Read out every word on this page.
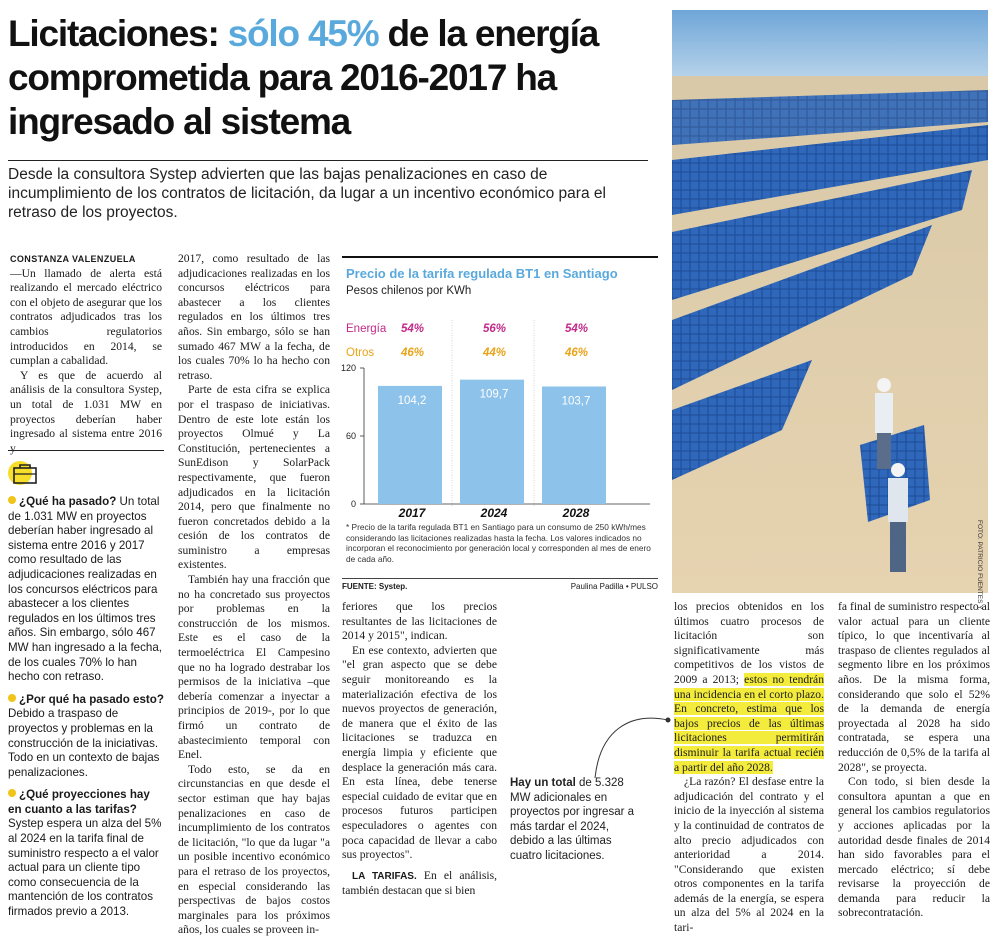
Licitaciones: sólo 45% de la energía comprometida para 2016-2017 ha ingresado al sistema
Desde la consultora Systep advierten que las bajas penalizaciones en caso de incumplimiento de los contratos de licitación, da lugar a un incentivo económico para el retraso de los proyectos.
CONSTANZA VALENZUELA

—Un llamado de alerta está realizando el mercado eléctrico con el objeto de asegurar que los contratos adjudicados tras los cambios regulatorios introducidos en 2014, se cumplan a cabalidad.

Y es que de acuerdo al análisis de la consultora Systep, un total de 1.031 MW en proyectos deberían haber ingresado al sistema entre 2016 y

¿Qué ha pasado? Un total de 1.031 MW en proyectos deberían haber ingresado al sistema entre 2016 y 2017 como resultado de las adjudicaciones realizadas en los concursos eléctricos para abastecer a los clientes regulados en los últimos tres años. Sin embargo, sólo 467 MW han ingresado a la fecha, de los cuales 70% lo han hecho con retraso.
¿Por qué ha pasado esto? Debido a traspaso de proyectos y problemas en la construcción de la iniciativas. Todo en un contexto de bajas penalizaciones.
¿Qué proyecciones hay en cuanto a las tarifas? Systep espera un alza del 5% al 2024 en la tarifa final de suministro respecto a el valor actual para un cliente tipo como consecuencia de la mantención de los contratos firmados previo a 2013.

2017, como resultado de las adjudicaciones realizadas en los concursos eléctricos para abastecer a los clientes regulados en los últimos tres años. Sin embargo, sólo se han sumado 467 MW a la fecha, de los cuales 70% lo ha hecho con retraso.

Parte de esta cifra se explica por el traspaso de iniciativas. Dentro de este lote están los proyectos Olmué y La Constitución, pertenecientes a SunEdison y SolarPack respectivamente, que fueron adjudicados en la licitación 2014, pero que finalmente no fueron concretados debido a la cesión de los contratos de suministro a empresas existentes.

También hay una fracción que no ha concretado sus proyectos por problemas en la construcción de los mismos. Este es el caso de la termoeléctrica El Campesino que no ha logrado destrabar los permisos de la iniciativa –que debería comenzar a inyectar a principios de 2019-, por lo que firmó un contrato de abastecimiento temporal con Enel.

Todo esto, se da en circunstancias en que desde el sector estiman que hay bajas penalizaciones en caso de incumplimiento de los contratos de licitación, "lo que da lugar "a un posible incentivo económico para el retraso de los proyectos, en especial considerando las perspectivas de bajos costos marginales para los próximos años, los cuales se proveen in-

Precio de la tarifa regulada BT1 en Santiago
Pesos chilenos por KWh
Energía 54%	56%	54%
Otros 46%	44%	46%
0
60
120
104,2
2017
109,7
2024
103,7
2028
* Precio de la tarifa regulada BT1 en Santiago para un consumo de 250 kWh/mes considerando las licitaciones realizadas hasta la fecha. Los valores indicados no incorporan el reconocimiento por generación local y corresponden al mes de enero de cada año.
FUENTE: Systep.	Paulina Padilla • PULSO

feriores que los precios resultantes de las licitaciones de 2014 y 2015", indican.

En ese contexto, advierten que "el gran aspecto que se debe seguir monitoreando es la materialización efectiva de los nuevos proyectos de generación, de manera que el éxito de las licitaciones se traduzca en energía limpia y eficiente que desplace la generación más cara. En esta línea, debe tenerse especial cuidado de evitar que en procesos futuros participen especuladores o agentes con poca capacidad de llevar a cabo sus proyectos".

LA TARIFAS. En el análisis, también destacan que si bien

FOTO: PATRICIO FUENTES Y.
Hay un total de 5.328 MW adicionales en proyectos por ingresar a más tardar el 2024, debido a las últimas cuatro licitaciones.

los precios obtenidos en los últimos cuatro procesos de licitación son significativamente más competitivos de los vistos de 2009 a 2013; estos no tendrán una incidencia en el corto plazo. En concreto, estima que los bajos precios de las últimas licitaciones permitirán disminuir la tarifa actual recién a partir del año 2028.

¿La razón? El desfase entre la adjudicación del contrato y el inicio de la inyección al sistema y la continuidad de contratos de alto precio adjudicados con anterioridad a 2014. "Considerando que existen otros componentes en la tarifa además de la energía, se espera un alza del 5% al 2024 en la tari-

fa final de suministro respecto al valor actual para un cliente típico, lo que incentivaría al traspaso de clientes regulados al segmento libre en los próximos años. De la misma forma, considerando que solo el 52% de la demanda de energía proyectada al 2028 ha sido contratada, se espera una reducción de 0,5% de la tarifa al 2028", se proyecta.

Con todo, si bien desde la consultora apuntan a que en general los cambios regulatorios y acciones aplicadas por la autoridad desde finales de 2014 han sido favorables para el mercado eléctrico; sí debe revisarse la proyección de demanda para reducir la sobrecontratación.
